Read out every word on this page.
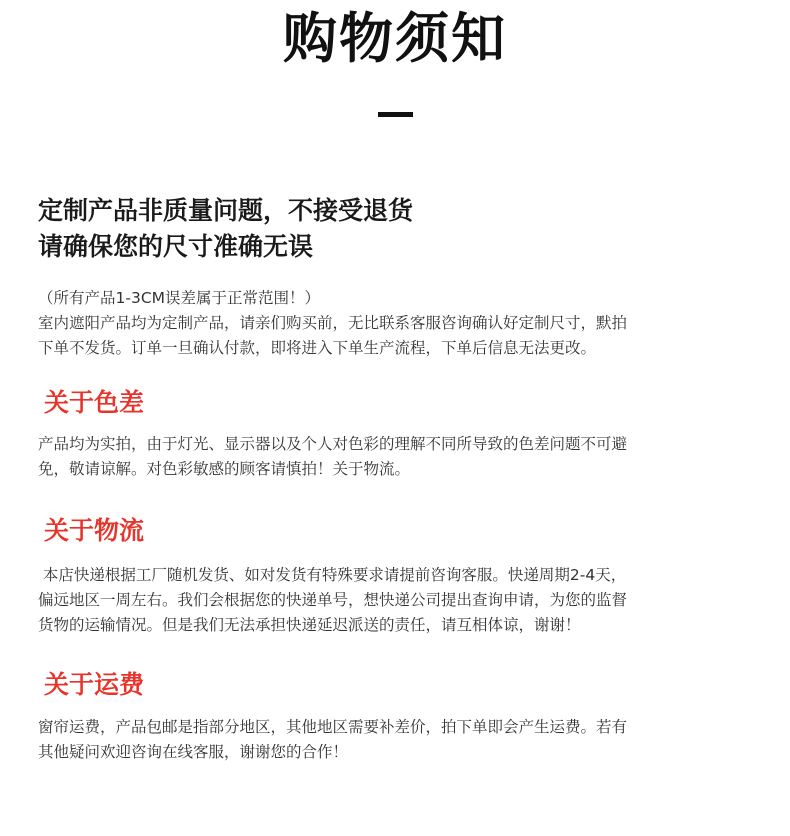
购物须知
定制产品非质量问题，不接受退货
请确保您的尺寸准确无误
（所有产品1-3CM误差属于正常范围！）
室内遮阳产品均为定制产品，请亲们购买前，无比联系客服咨询确认好定制尺寸，默拍
下单不发货。订单一旦确认付款，即将进入下单生产流程，下单后信息无法更改。
关于色差
产品均为实拍，由于灯光、显示器以及个人对色彩的理解不同所导致的色差问题不可避
免，敬请谅解。对色彩敏感的顾客请慎拍！关于物流。
关于物流
本店快递根据工厂随机发货、如对发货有特殊要求请提前咨询客服。快递周期2-4天，
偏远地区一周左右。我们会根据您的快递单号，想快递公司提出查询申请，为您的监督
货物的运输情况。但是我们无法承担快递延迟派送的责任，请互相体谅，谢谢！
关于运费
窗帘运费，产品包邮是指部分地区，其他地区需要补差价，拍下单即会产生运费。若有
其他疑问欢迎咨询在线客服，谢谢您的合作！
